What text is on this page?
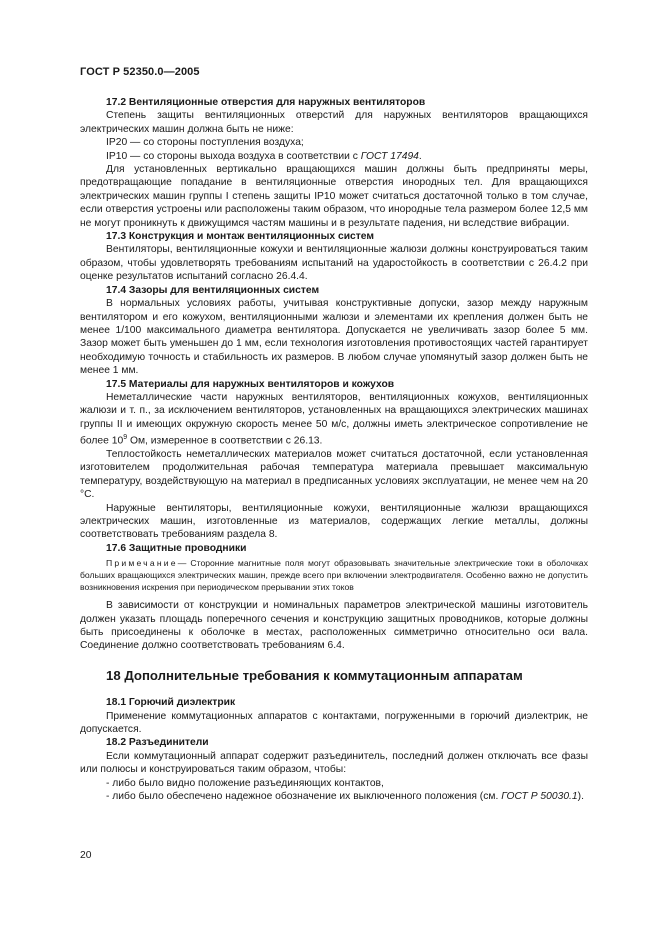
ГОСТ Р 52350.0—2005

17.2 Вентиляционные отверстия для наружных вентиляторов

Степень защиты вентиляционных отверстий для наружных вентиляторов вращающихся электрических машин должна быть не ниже:

IP20 — со стороны поступления воздуха;

IP10 — со стороны выхода воздуха в соответствии с ГОСТ 17494.

Для установленных вертикально вращающихся машин должны быть предприняты меры, предотвращающие попадание в вентиляционные отверстия инородных тел. Для вращающихся электрических машин группы I степень защиты IP10 может считаться достаточной только в том случае, если отверстия устроены или расположены таким образом, что инородные тела размером более 12,5 мм не могут проникнуть к движущимся частям машины и в результате падения, ни вследствие вибрации.

17.3 Конструкция и монтаж вентиляционных систем

Вентиляторы, вентиляционные кожухи и вентиляционные жалюзи должны конструироваться таким образом, чтобы удовлетворять требованиям испытаний на ударостойкость в соответствии с 26.4.2 при оценке результатов испытаний согласно 26.4.4.

17.4 Зазоры для вентиляционных систем

В нормальных условиях работы, учитывая конструктивные допуски, зазор между наружным вентилятором и его кожухом, вентиляционными жалюзи и элементами их крепления должен быть не менее 1/100 максимального диаметра вентилятора. Допускается не увеличивать зазор более 5 мм. Зазор может быть уменьшен до 1 мм, если технология изготовления противостоящих частей гарантирует необходимую точность и стабильность их размеров. В любом случае упомянутый зазор должен быть не менее 1 мм.

17.5 Материалы для наружных вентиляторов и кожухов

Неметаллические части наружных вентиляторов, вентиляционных кожухов, вентиляционных жалюзи и т. п., за исключением вентиляторов, установленных на вращающихся электрических машинах группы II и имеющих окружную скорость менее 50 м/с, должны иметь электрическое сопротивление не более $10^9$ Ом, измеренное в соответствии с 26.13.

Теплостойкость неметаллических материалов может считаться достаточной, если установленная изготовителем продолжительная рабочая температура материала превышает максимальную температуру, воздействующую на материал в предписанных условиях эксплуатации, не менее чем на 20 °С.

Наружные вентиляторы, вентиляционные кожухи, вентиляционные жалюзи вращающихся электрических машин, изготовленные из материалов, содержащих легкие металлы, должны соответствовать требованиям раздела 8.

17.6 Защитные проводники

Примечание— Сторонние магнитные поля могут образовывать значительные электрические токи в оболочках больших вращающихся электрических машин, прежде всего при включении электродвигателя. Особенно важно не допустить возникновения искрения при периодическом прерывании этих токов

В зависимости от конструкции и номинальных параметров электрической машины изготовитель должен указать площадь поперечного сечения и конструкцию защитных проводников, которые должны быть присоединены к оболочке в местах, расположенных симметрично относительно оси вала. Соединение должно соответствовать требованиям 6.4.

18 Дополнительные требования к коммутационным аппаратам

18.1 Горючий диэлектрик

Применение коммутационных аппаратов с контактами, погруженными в горючий диэлектрик, не допускается.

18.2 Разъединители

Если коммутационный аппарат содержит разъединитель, последний должен отключать все фазы или полюсы и конструироваться таким образом, чтобы:

- либо было видно положение разъединяющих контактов,

- либо было обеспечено надежное обозначение их выключенного положения (см. ГОСТ Р 50030.1).

20
